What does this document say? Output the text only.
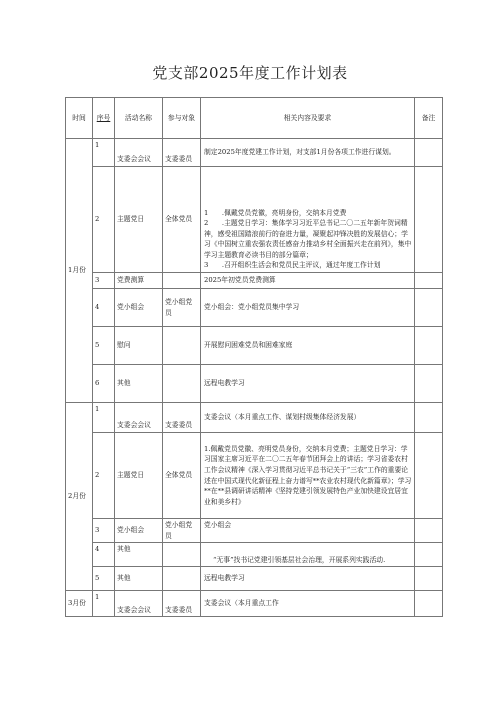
党支部2025年度工作计划表
时间	序号	活动名称	参与对象	相关内容及要求	备注
1月份	1	支委会会议	支委委员	制定2025年度党建工作计划，对支部1月份各项工作进行谋划。	
	2	主题党日	全体党员	1　　.佩戴党员党徽，亮明身份，交纳本月党费
2　　.主题党日学习：集体学习习近平总书记二〇二五年新年贺词精神，感受祖国踏浪前行的奋进力量，凝聚起冲锋决胜的发展信心；学习《中国树立重农强农责任感奋力推动乡村全面振兴走在前列》，集中学习主题教育必读书目的部分篇章；
3　　.召开组织生活会和党员民主评议，通过年度工作计划	

	3	党费测算		2025年初党员党费测算	
	4	党小组会	党小组党员	党小组会：党小组党员集中学习	
	5	慰问		开展慰问困难党员和困难家庭	
	6	其他		远程电教学习	
2月份	1	支委会会议	支委委员	支委会议（本月重点工作、谋划村级集体经济发展）	
	2	主题党日	全体党员	1.佩戴党员党徽、亮明党员身份，交纳本月党费；主题党日学习：学习国家主席习近平在二〇二五年春节团拜会上的讲话；学习省委农村工作会议精神《深入学习贯彻习近平总书记关于“三农”工作的重要论述在中国式现代化新征程上奋力谱写**农业农村现代化新篇章》；学习**在**县调研讲话精神《坚持党建引领发展特色产业加快建设宜居宜业和美乡村》	
	3	党小组会	党小组党员	党小组会	
	4	其他		“无事”找书记党建引领基层社会治理，开展系列实践活动.	
	5	其他		远程电教学习	
3月份	1	支委会会议	支委委员	支委会议（本月重点工作	
